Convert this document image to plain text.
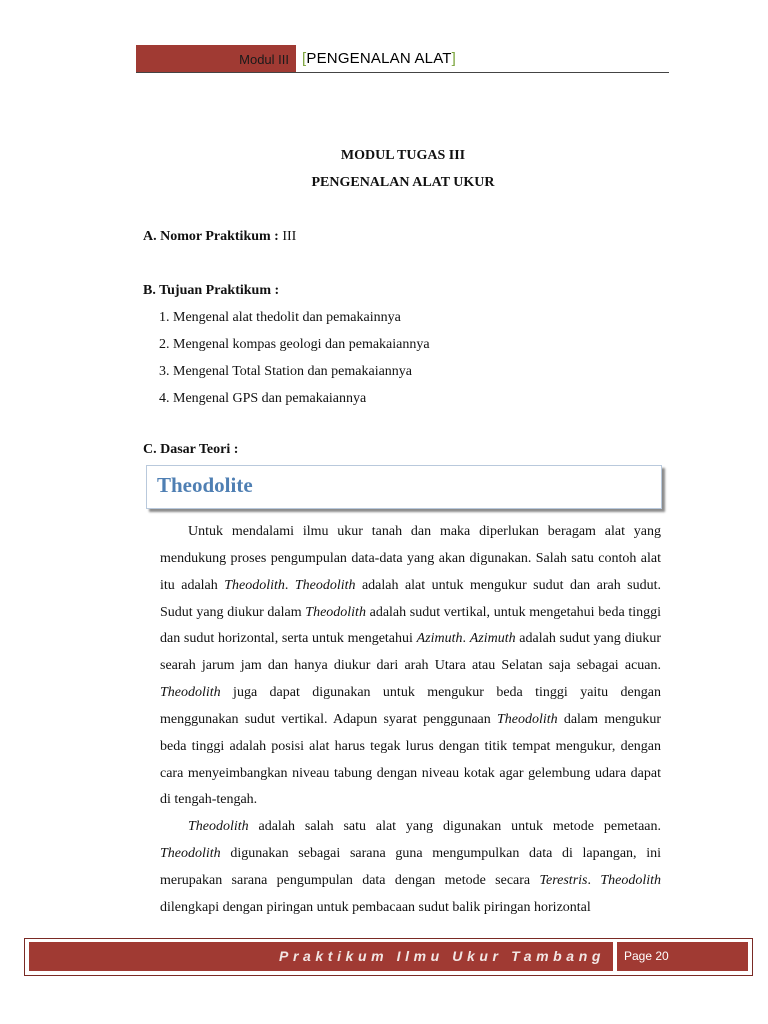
Modul III [PENGENALAN ALAT]
MODUL TUGAS III
PENGENALAN ALAT UKUR
A. Nomor Praktikum : III
B. Tujuan Praktikum :
1. Mengenal alat thedolit dan pemakainnya
2. Mengenal kompas geologi dan pemakaiannya
3. Mengenal Total Station dan pemakaiannya
4. Mengenal GPS dan pemakaiannya
C. Dasar Teori :
Theodolite

Untuk mendalami ilmu ukur tanah dan maka diperlukan beragam alat yang mendukung proses pengumpulan data-data yang akan digunakan. Salah satu contoh alat itu adalah Theodolith. Theodolith adalah alat untuk mengukur sudut dan arah sudut. Sudut yang diukur dalam Theodolith adalah sudut vertikal, untuk mengetahui beda tinggi dan sudut horizontal, serta untuk mengetahui Azimuth. Azimuth adalah sudut yang diukur searah jarum jam dan hanya diukur dari arah Utara atau Selatan saja sebagai acuan. Theodolith juga dapat digunakan untuk mengukur beda tinggi yaitu dengan menggunakan sudut vertikal. Adapun syarat penggunaan Theodolith dalam mengukur beda tinggi adalah posisi alat harus tegak lurus dengan titik tempat mengukur, dengan cara menyeimbangkan niveau tabung dengan niveau kotak agar gelembung udara dapat di tengah-tengah.

Theodolith adalah salah satu alat yang digunakan untuk metode pemetaan. Theodolith digunakan sebagai sarana guna mengumpulkan data di lapangan, ini merupakan sarana pengumpulan data dengan metode secara Terestris. Theodolith dilengkapi dengan piringan untuk pembacaan sudut balik piringan horizontal

Praktikum Ilmu Ukur Tambang Page 20
